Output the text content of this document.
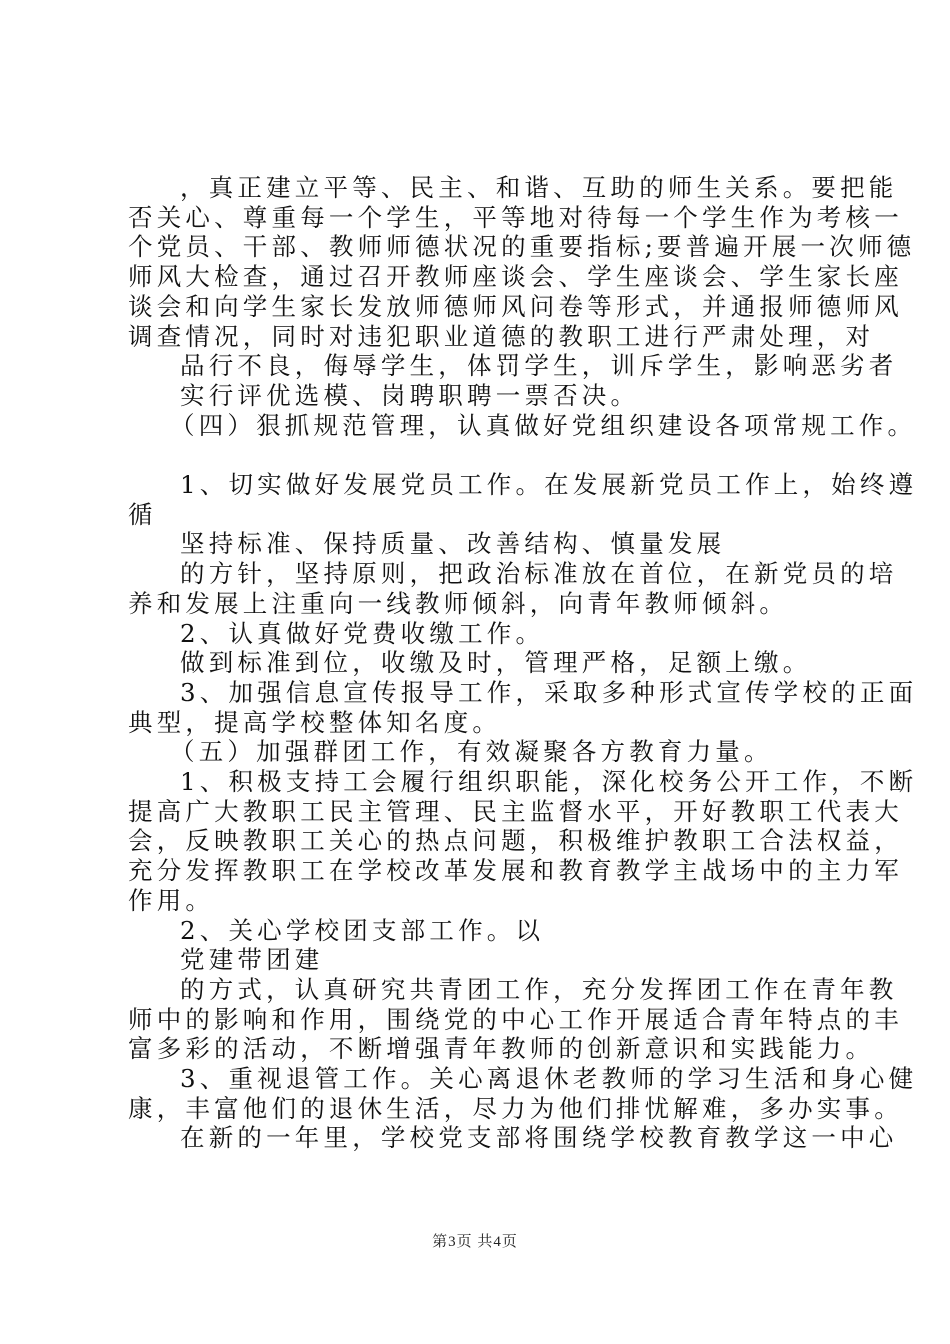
，真正建立平等、民主、和谐、互助的师生关系。要把能
否关心、尊重每一个学生，平等地对待每一个学生作为考核一
个党员、干部、教师师德状况的重要指标;要普遍开展一次师德
师风大检查，通过召开教师座谈会、学生座谈会、学生家长座
谈会和向学生家长发放师德师风问卷等形式，并通报师德师风
调查情况，同时对违犯职业道德的教职工进行严肃处理，对
品行不良，侮辱学生，体罚学生，训斥学生，影响恶劣者
实行评优选模、岗聘职聘一票否决。
（四）狠抓规范管理，认真做好党组织建设各项常规工作。
1、切实做好发展党员工作。在发展新党员工作上，始终遵
循
坚持标准、保持质量、改善结构、慎量发展
的方针，坚持原则，把政治标准放在首位，在新党员的培
养和发展上注重向一线教师倾斜，向青年教师倾斜。
2、认真做好党费收缴工作。
做到标准到位，收缴及时，管理严格，足额上缴。
3、加强信息宣传报导工作，采取多种形式宣传学校的正面
典型，提高学校整体知名度。
（五）加强群团工作，有效凝聚各方教育力量。
1、积极支持工会履行组织职能，深化校务公开工作，不断
提高广大教职工民主管理、民主监督水平，开好教职工代表大
会，反映教职工关心的热点问题，积极维护教职工合法权益，
充分发挥教职工在学校改革发展和教育教学主战场中的主力军
作用。
2、关心学校团支部工作。以
党建带团建
的方式，认真研究共青团工作，充分发挥团工作在青年教
师中的影响和作用，围绕党的中心工作开展适合青年特点的丰
富多彩的活动，不断增强青年教师的创新意识和实践能力。
3、重视退管工作。关心离退休老教师的学习生活和身心健
康，丰富他们的退休生活，尽力为他们排忧解难，多办实事。
在新的一年里，学校党支部将围绕学校教育教学这一中心
第3页 共4页
